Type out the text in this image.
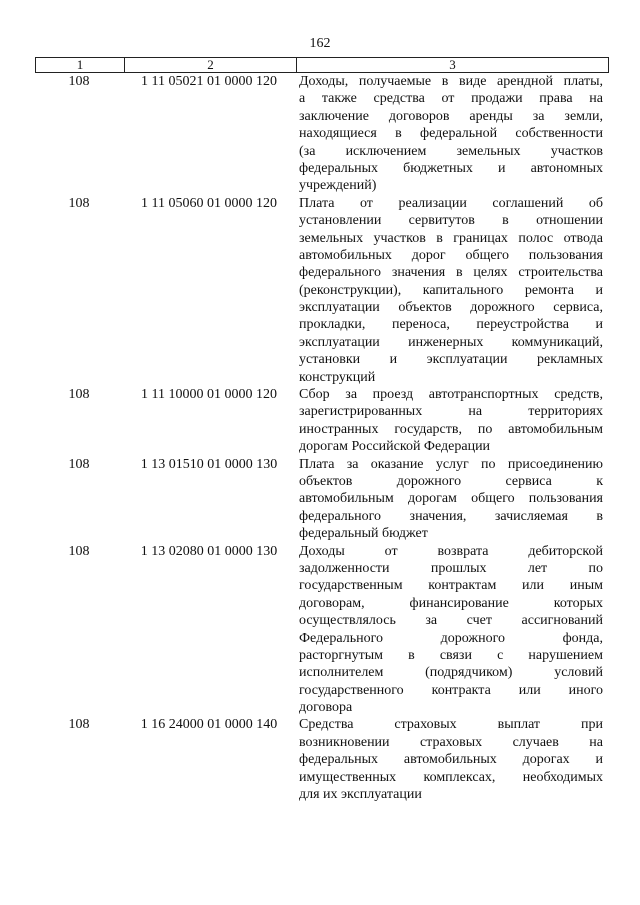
162
1	2	3
108	1 11 05021 01 0000 120	Доходы, получаемые в виде арендной платы,
а также средства от продажи права на
заключение договоров аренды за земли,
находящиеся в федеральной собственности
(за исключением земельных участков
федеральных бюджетных и автономных
учреждений)
108	1 11 05060 01 0000 120	Плата от реализации соглашений об
установлении сервитутов в отношении
земельных участков в границах полос отвода
автомобильных дорог общего пользования
федерального значения в целях строительства
(реконструкции), капитального ремонта и
эксплуатации объектов дорожного сервиса,
прокладки, переноса, переустройства и
эксплуатации инженерных коммуникаций,
установки и эксплуатации рекламных
конструкций
108	1 11 10000 01 0000 120	Сбор за проезд автотранспортных средств,
зарегистрированных на территориях
иностранных государств, по автомобильным
дорогам Российской Федерации
108	1 13 01510 01 0000 130	Плата за оказание услуг по присоединению
объектов дорожного сервиса к
автомобильным дорогам общего пользования
федерального значения, зачисляемая в
федеральный бюджет
108	1 13 02080 01 0000 130	Доходы от возврата дебиторской
задолженности прошлых лет по
государственным контрактам или иным
договорам, финансирование которых
осуществлялось за счет ассигнований
Федерального дорожного фонда,
расторгнутым в связи с нарушением
исполнителем (подрядчиком) условий
государственного контракта или иного
договора
108	1 16 24000 01 0000 140	Средства страховых выплат при
возникновении страховых случаев на
федеральных автомобильных дорогах и
имущественных комплексах, необходимых
для их эксплуатации
